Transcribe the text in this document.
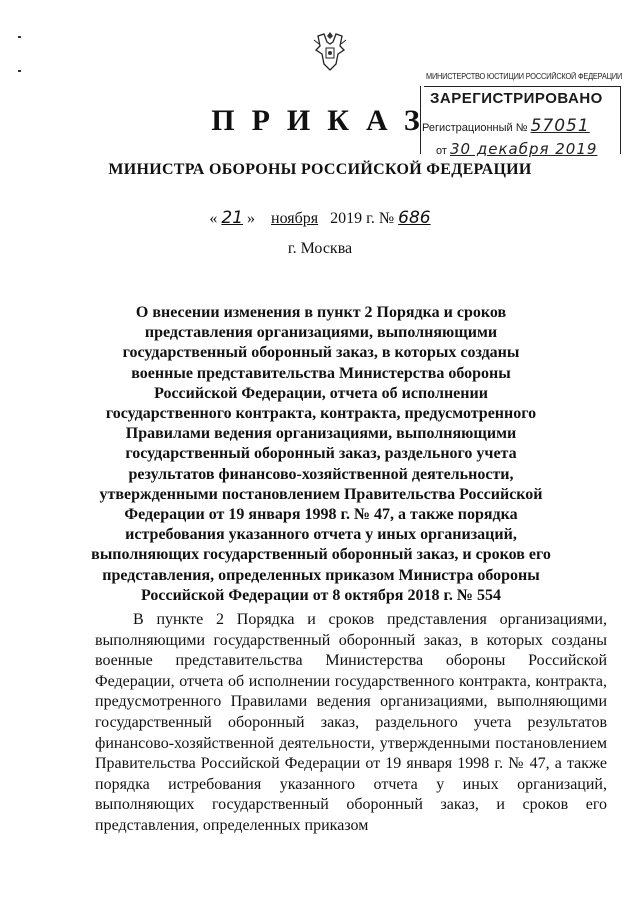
МИНИСТЕРСТВО ЮСТИЦИИ РОССИЙСКОЙ ФЕДЕРАЦИИ
ЗАРЕГИСТРИРОВАНО
Регистрационный № 57051
от 30 декабря 2019
ПРИКАЗ
МИНИСТРА ОБОРОНЫ РОССИЙСКОЙ ФЕДЕРАЦИИ
« 21 » ноября 2019 г. № 686
г. Москва
О внесении изменения в пункт 2 Порядка и сроков представления организациями, выполняющими государственный оборонный заказ, в которых созданы военные представительства Министерства обороны Российской Федерации, отчета об исполнении государственного контракта, контракта, предусмотренного Правилами ведения организациями, выполняющими государственный оборонный заказ, раздельного учета результатов финансово-хозяйственной деятельности, утвержденными постановлением Правительства Российской Федерации от 19 января 1998 г. № 47, а также порядка истребования указанного отчета у иных организаций, выполняющих государственный оборонный заказ, и сроков его представления, определенных приказом Министра обороны Российской Федерации от 8 октября 2018 г. № 554
В пункте 2 Порядка и сроков представления организациями, выполняющими государственный оборонный заказ, в которых созданы военные представительства Министерства обороны Российской Федерации, отчета об исполнении государственного контракта, контракта, предусмотренного Правилами ведения организациями, выполняющими государственный оборонный заказ, раздельного учета результатов финансово-хозяйственной деятельности, утвержденными постановлением Правительства Российской Федерации от 19 января 1998 г. № 47, а также порядка истребования указанного отчета у иных организаций, выполняющих государственный оборонный заказ, и сроков его представления, определенных приказом
